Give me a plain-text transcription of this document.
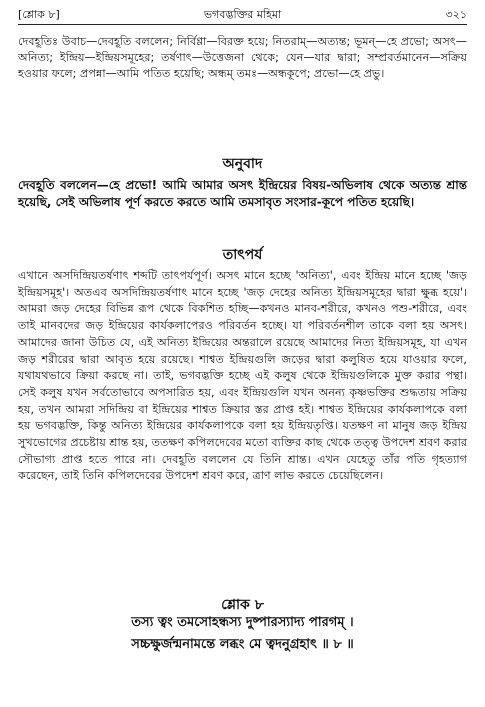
[শ্লোক ৮]	ভগবদ্ভক্তির মহিমা	৩২১
দেবহূতিঃ উবাচ—দেবহূতি বললেন; নির্বিণ্ণা—বিরক্ত হয়ে; নিতরাম্—অত্যন্ত; ভূমন্—হে প্রভো; অসৎ—অনিত্য; ইন্দ্রিয়—ইন্দ্রিয়সমূহের; তর্ষণাৎ—উত্তেজনা থেকে; যেন—যার দ্বারা; সম্প্রবর্তমানেন—সক্রিয় হওয়ার ফলে; প্রপন্না—আমি পতিত হয়েছি; অন্ধম্ তমঃ—অন্ধকূপে; প্রভো—হে প্রভু।
অনুবাদ
দেবহূতি বললেন—হে প্রভো! আমি আমার অসৎ ইন্দ্রিয়ের বিষয়-অভিলাষ থেকে অত্যন্ত শ্রান্ত হয়েছি, সেই অভিলাষ পূর্ণ করতে করতে আমি তমসাবৃত সংসার-কূপে পতিত হয়েছি।
তাৎপর্য
এখানে অসদিন্দ্রিয়তর্ষণাৎ শব্দটি তাৎপর্যপূর্ণ। অসৎ মানে হচ্ছে 'অনিত্য', এবং ইন্দ্রিয় মানে হচ্ছে 'জড় ইন্দ্রিয়সমূহ'। অতএব অসদিন্দ্রিয়তর্ষণাৎ মানে হচ্ছে 'জড় দেহের অনিত্য ইন্দ্রিয়সমূহের দ্বারা ক্ষুব্ধ হয়ে'। আমরা জড় দেহের বিভিন্ন রূপ থেকে বিকশিত হচ্ছি—কখনও মানব-শরীরে, কখনও পশু-শরীরে, এবং তাই মানবদের জড় ইন্দ্রিয়ের কার্যকলাপেরও পরিবর্তন হচ্ছে। যা পরিবর্তনশীল তাকে বলা হয় অসৎ। আমাদের জানা উচিত যে, এই অনিত্য ইন্দ্রিয়ের অন্তরালে রয়েছে আমাদের নিত্য ইন্দ্রিয়সমূহ, যা এখন জড় শরীরের দ্বারা আবৃত হয়ে রয়েছে। শাশ্বত ইন্দ্রিয়গুলি জড়ের দ্বারা কলুষিত হয়ে যাওয়ার ফলে, যথাযথভাবে ক্রিয়া করছে না। তাই, ভগবদ্ভক্তি হচ্ছে এই কলুষ থেকে ইন্দ্রিয়গুলিকে মুক্ত করার পন্থা। সেই কলুষ যখন সর্বতোভাবে অপসারিত হয়, এবং ইন্দ্রিয়গুলি যখন অনন্য কৃষ্ণভক্তির শুদ্ধতায় সক্রিয় হয়, তখন আমরা সদিন্দ্রিয় বা ইন্দ্রিয়ের শাশ্বত ক্রিয়ার স্তর প্রাপ্ত হই। শাশ্বত ইন্দ্রিয়ের কার্যকলাপকে বলা হয় ভগবদ্ভক্তি, কিন্তু অনিত্য ইন্দ্রিয়ের কার্যকলাপকে বলা হয় ইন্দ্রিয়তৃপ্তি। যতক্ষণ না মানুষ জড় ইন্দ্রিয় সুখভোগের প্রচেষ্টায় শ্রান্ত হয়, ততক্ষণ কপিলদেবের মতো ব্যক্তির কাছ থেকে তত্ত্ব উপদেশ শ্রবণ করার সৌভাগ্য প্রাপ্ত হতে পারে না। দেবহূতি বললেন যে তিনি শ্রান্ত। এখন যেহেতু তাঁর পতি গৃহত্যাগ করেছেন, তাই তিনি কপিলদেবের উপদেশ শ্রবণ করে, ত্রাণ লাভ করতে চেয়েছিলেন।
শ্লোক ৮
তস্য ত্বং তমসোহন্ধস্য দুষ্পারস্যাদ্য পারগম্ ।
সচ্চক্ষুর্জন্মনামন্তে লব্ধং মে ত্বদনুগ্রহাৎ ॥ ৮ ॥
